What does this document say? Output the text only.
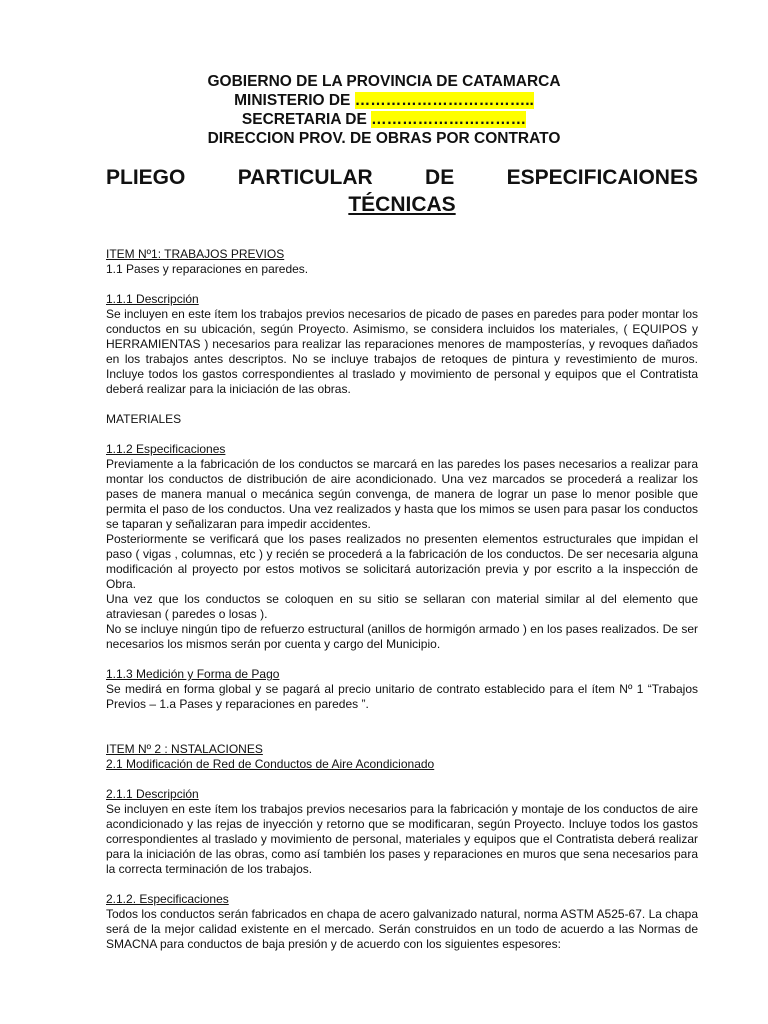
GOBIERNO DE LA PROVINCIA DE CATAMARCA
MINISTERIO DE ……………………………..
SECRETARIA DE …………………………
DIRECCION PROV. DE OBRAS POR CONTRATO
PLIEGO PARTICULAR DE ESPECIFICAIONES
TÉCNICAS

ITEM Nº1: TRABAJOS PREVIOS

1.1 Pases y reparaciones en paredes.

1.1.1 Descripción

Se incluyen en este ítem los trabajos previos necesarios de picado de pases en paredes para poder montar los conductos en su ubicación, según Proyecto. Asimismo, se considera incluidos los materiales, ( EQUIPOS y HERRAMIENTAS ) necesarios para realizar las reparaciones menores de mamposterías, y revoques dañados en los trabajos antes descriptos. No se incluye trabajos de retoques de pintura y revestimiento de muros. Incluye todos los gastos correspondientes al traslado y movimiento de personal y equipos que el Contratista deberá realizar para la iniciación de las obras.

MATERIALES

1.1.2 Especificaciones

Previamente a la fabricación de los conductos se marcará en las paredes los pases necesarios a realizar para montar los conductos de distribución de aire acondicionado. Una vez marcados se procederá a realizar los pases de manera manual o mecánica según convenga, de manera de lograr un pase lo menor posible que permita el paso de los conductos. Una vez realizados y hasta que los mimos se usen para pasar los conductos se taparan y señalizaran para impedir accidentes.

Posteriormente se verificará que los pases realizados no presenten elementos estructurales que impidan el paso ( vigas , columnas, etc ) y recién se procederá a la fabricación de los conductos. De ser necesaria alguna modificación al proyecto por estos motivos se solicitará autorización previa y por escrito a la inspección de Obra.

Una vez que los conductos se coloquen en su sitio se sellaran con material similar al del elemento que atraviesan ( paredes o losas ).

No se incluye ningún tipo de refuerzo estructural (anillos de hormigón armado ) en los pases realizados. De ser necesarios los mismos serán por cuenta y cargo del Municipio.

1.1.3 Medición y Forma de Pago

Se medirá en forma global y se pagará al precio unitario de contrato establecido para el ítem Nº 1 “Trabajos Previos – 1.a Pases y reparaciones en paredes ”.

ITEM Nº 2 : NSTALACIONES

2.1 Modificación de Red de Conductos de Aire Acondicionado

2.1.1 Descripción

Se incluyen en este ítem los trabajos previos necesarios para la fabricación y montaje de los conductos de aire acondicionado y las rejas de inyección y retorno que se modificaran, según Proyecto. Incluye todos los gastos correspondientes al traslado y movimiento de personal, materiales y equipos que el Contratista deberá realizar para la iniciación de las obras, como así también los pases y reparaciones en muros que sena necesarios para la correcta terminación de los trabajos.

2.1.2. Especificaciones

Todos los conductos serán fabricados en chapa de acero galvanizado natural, norma ASTM A525-67. La chapa será de la mejor calidad existente en el mercado. Serán construidos en un todo de acuerdo a las Normas de SMACNA para conductos de baja presión y de acuerdo con los siguientes espesores:
